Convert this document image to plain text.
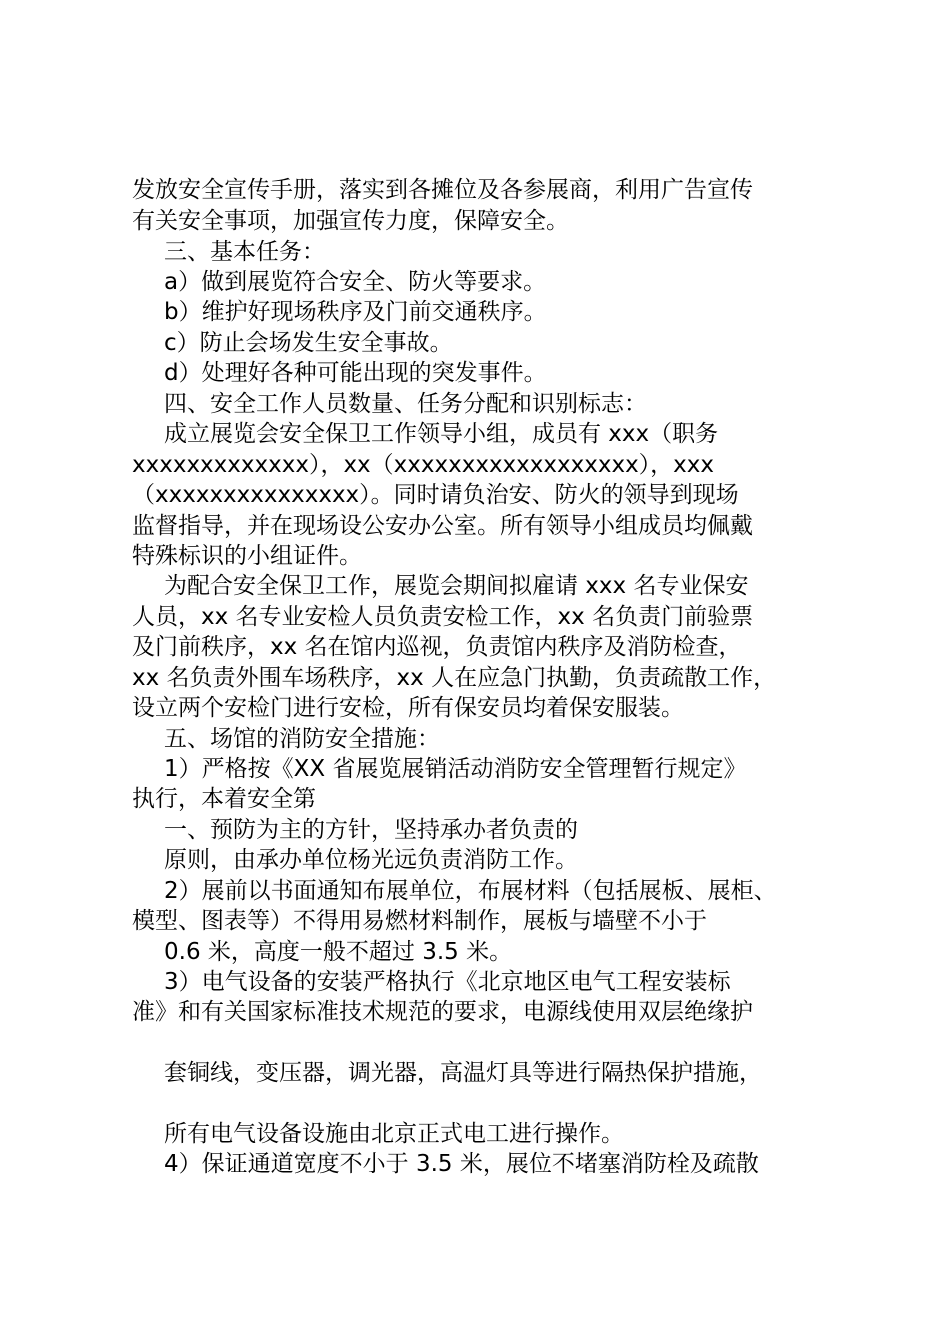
发放安全宣传手册，落实到各摊位及各参展商，利用广告宣传
有关安全事项，加强宣传力度，保障安全。
三、基本任务：
a）做到展览符合安全、防火等要求。
b）维护好现场秩序及门前交通秩序。
c）防止会场发生安全事故。
d）处理好各种可能出现的突发事件。
四、安全工作人员数量、任务分配和识别标志：
成立展览会安全保卫工作领导小组，成员有 xxx（职务
xxxxxxxxxxxxx），xx（xxxxxxxxxxxxxxxxxx），xxx
（xxxxxxxxxxxxxxx）。同时请负治安、防火的领导到现场
监督指导，并在现场设公安办公室。所有领导小组成员均佩戴
特殊标识的小组证件。
为配合安全保卫工作，展览会期间拟雇请 xxx 名专业保安
人员，xx 名专业安检人员负责安检工作，xx 名负责门前验票
及门前秩序，xx 名在馆内巡视，负责馆内秩序及消防检查，
xx 名负责外围车场秩序，xx 人在应急门执勤，负责疏散工作，
设立两个安检门进行安检，所有保安员均着保安服装。
五、场馆的消防安全措施：
1）严格按《XX 省展览展销活动消防安全管理暂行规定》
执行，本着安全第
一、预防为主的方针，坚持承办者负责的
原则，由承办单位杨光远负责消防工作。
2）展前以书面通知布展单位，布展材料（包括展板、展柜、
模型、图表等）不得用易燃材料制作，展板与墙壁不小于
0.6 米，高度一般不超过 3.5 米。
3）电气设备的安装严格执行《北京地区电气工程安装标
准》和有关国家标准技术规范的要求，电源线使用双层绝缘护
套铜线，变压器，调光器，高温灯具等进行隔热保护措施，
所有电气设备设施由北京正式电工进行操作。
4）保证通道宽度不小于 3.5 米，展位不堵塞消防栓及疏散
